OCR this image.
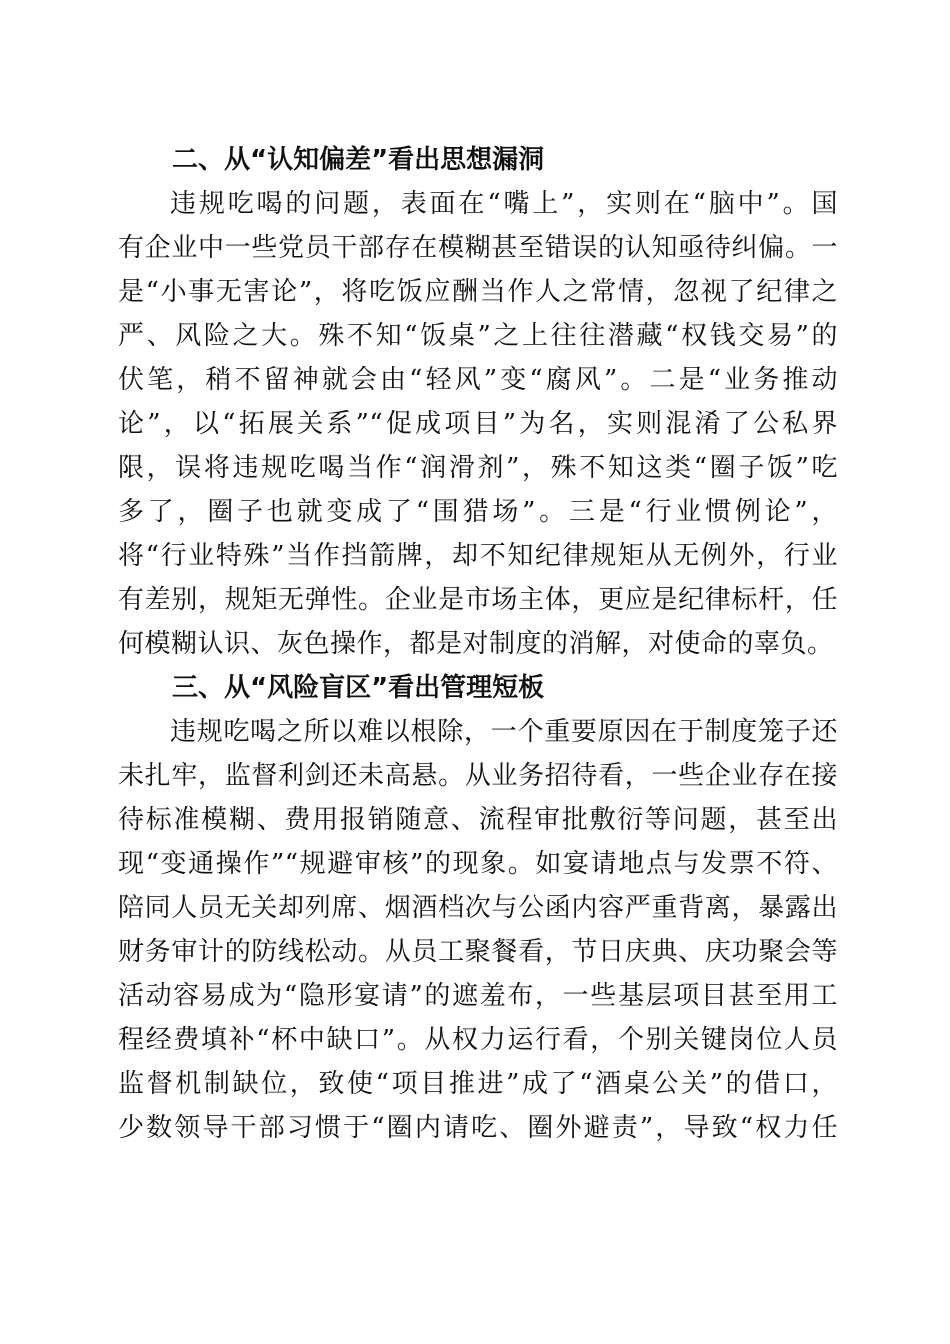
二、从“认知偏差”看出思想漏洞

违规吃喝的问题，表面在“嘴上”，实则在“脑中”。国

有企业中一些党员干部存在模糊甚至错误的认知亟待纠偏。一

是“小事无害论”，将吃饭应酬当作人之常情，忽视了纪律之

严、风险之大。殊不知“饭桌”之上往往潜藏“权钱交易”的

伏笔，稍不留神就会由“轻风”变“腐风”。二是“业务推动

论”，以“拓展关系”“促成项目”为名，实则混淆了公私界

限，误将违规吃喝当作“润滑剂”，殊不知这类“圈子饭”吃

多了，圈子也就变成了“围猎场”。三是“行业惯例论”，

将“行业特殊”当作挡箭牌，却不知纪律规矩从无例外，行业

有差别，规矩无弹性。企业是市场主体，更应是纪律标杆，任

何模糊认识、灰色操作，都是对制度的消解，对使命的辜负。

三、从“风险盲区”看出管理短板

违规吃喝之所以难以根除，一个重要原因在于制度笼子还

未扎牢，监督利剑还未高悬。从业务招待看，一些企业存在接

待标准模糊、费用报销随意、流程审批敷衍等问题，甚至出

现“变通操作”“规避审核”的现象。如宴请地点与发票不符、

陪同人员无关却列席、烟酒档次与公函内容严重背离，暴露出

财务审计的防线松动。从员工聚餐看，节日庆典、庆功聚会等

活动容易成为“隐形宴请”的遮羞布，一些基层项目甚至用工

程经费填补“杯中缺口”。从权力运行看，个别关键岗位人员

监督机制缺位，致使“项目推进”成了“酒桌公关”的借口，

少数领导干部习惯于“圈内请吃、圈外避责”，导致“权力任
